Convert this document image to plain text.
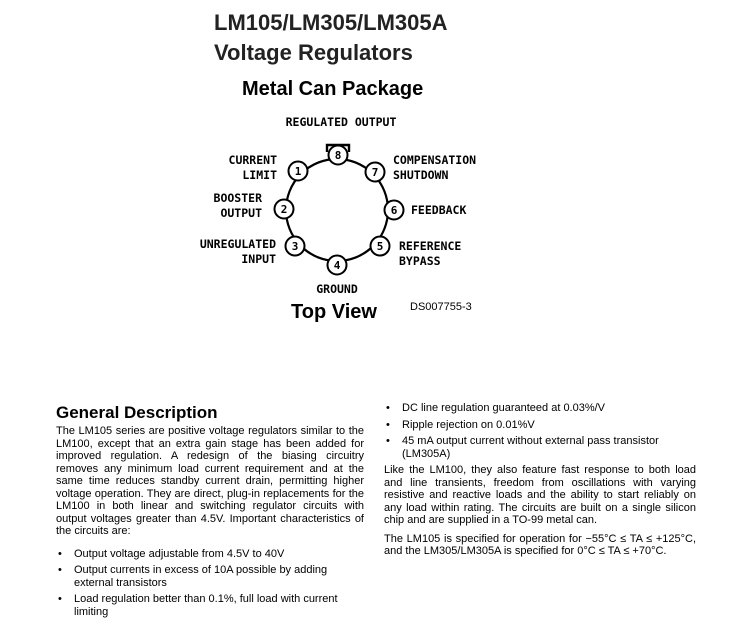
LM105/LM305/LM305A
Voltage Regulators
Metal Can Package
1
CURRENT
LIMIT
2
BOOSTER
OUTPUT
3
UNREGULATED
INPUT	4
GROUND
5 REFERENCE
BYPASS
6 FEEDBACK
7
COMPENSATION
SHUTDOWN
8
REGULATED OUTPUT
Top View	DS007755-3
General Description

The LM105 series are positive voltage regulators similar to the LM100, except that an extra gain stage has been added for improved regulation. A redesign of the biasing circuitry removes any minimum load current requirement and at the same time reduces standby current drain, permitting higher voltage operation. They are direct, plug-in replacements for the LM100 in both linear and switching regulator circuits with output voltages greater than 4.5V. Important characteristics of the circuits are:

• Output voltage adjustable from 4.5V to 40V
• Output currents in excess of 10A possible by adding external transistors
• Load regulation better than 0.1%, full load with current limiting
• DC line regulation guaranteed at 0.03%/V
• Ripple rejection on 0.01%V
• 45 mA output current without external pass transistor (LM305A)

Like the LM100, they also feature fast response to both load and line transients, freedom from oscillations with varying resistive and reactive loads and the ability to start reliably on any load within rating. The circuits are built on a single silicon chip and are supplied in a TO-99 metal can.

The LM105 is specified for operation for −55°C ≤ TA ≤ +125°C, and the LM305/LM305A is specified for 0°C ≤ TA ≤ +70°C.
